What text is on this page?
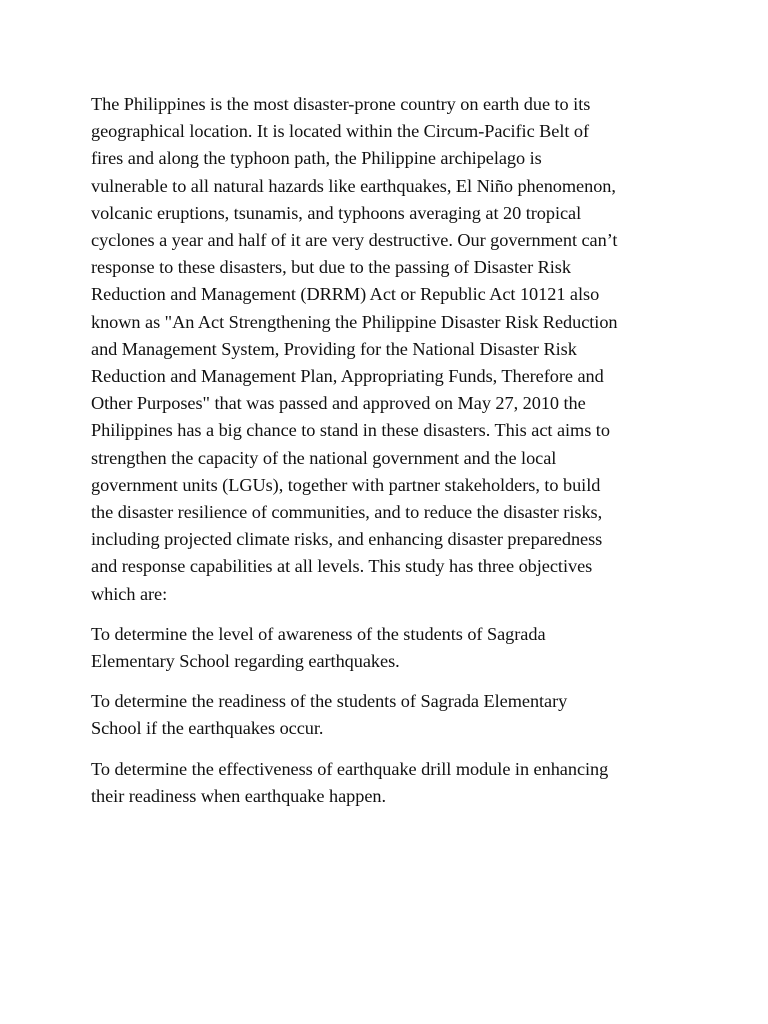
The Philippines is the most disaster-prone country on earth due to its
geographical location. It is located within the Circum-Pacific Belt of
fires and along the typhoon path, the Philippine archipelago is
vulnerable to all natural hazards like earthquakes, El Niño phenomenon,
volcanic eruptions, tsunamis, and typhoons averaging at 20 tropical
cyclones a year and half of it are very destructive. Our government can’t
response to these disasters, but due to the passing of Disaster Risk
Reduction and Management (DRRM) Act or Republic Act 10121 also
known as "An Act Strengthening the Philippine Disaster Risk Reduction
and Management System, Providing for the National Disaster Risk
Reduction and Management Plan, Appropriating Funds, Therefore and
Other Purposes" that was passed and approved on May 27, 2010 the
Philippines has a big chance to stand in these disasters. This act aims to
strengthen the capacity of the national government and the local
government units (LGUs), together with partner stakeholders, to build
the disaster resilience of communities, and to reduce the disaster risks,
including projected climate risks, and enhancing disaster preparedness
and response capabilities at all levels. This study has three objectives
which are:

To determine the level of awareness of the students of Sagrada
Elementary School regarding earthquakes.

To determine the readiness of the students of Sagrada Elementary
School if the earthquakes occur.

To determine the effectiveness of earthquake drill module in enhancing
their readiness when earthquake happen.
